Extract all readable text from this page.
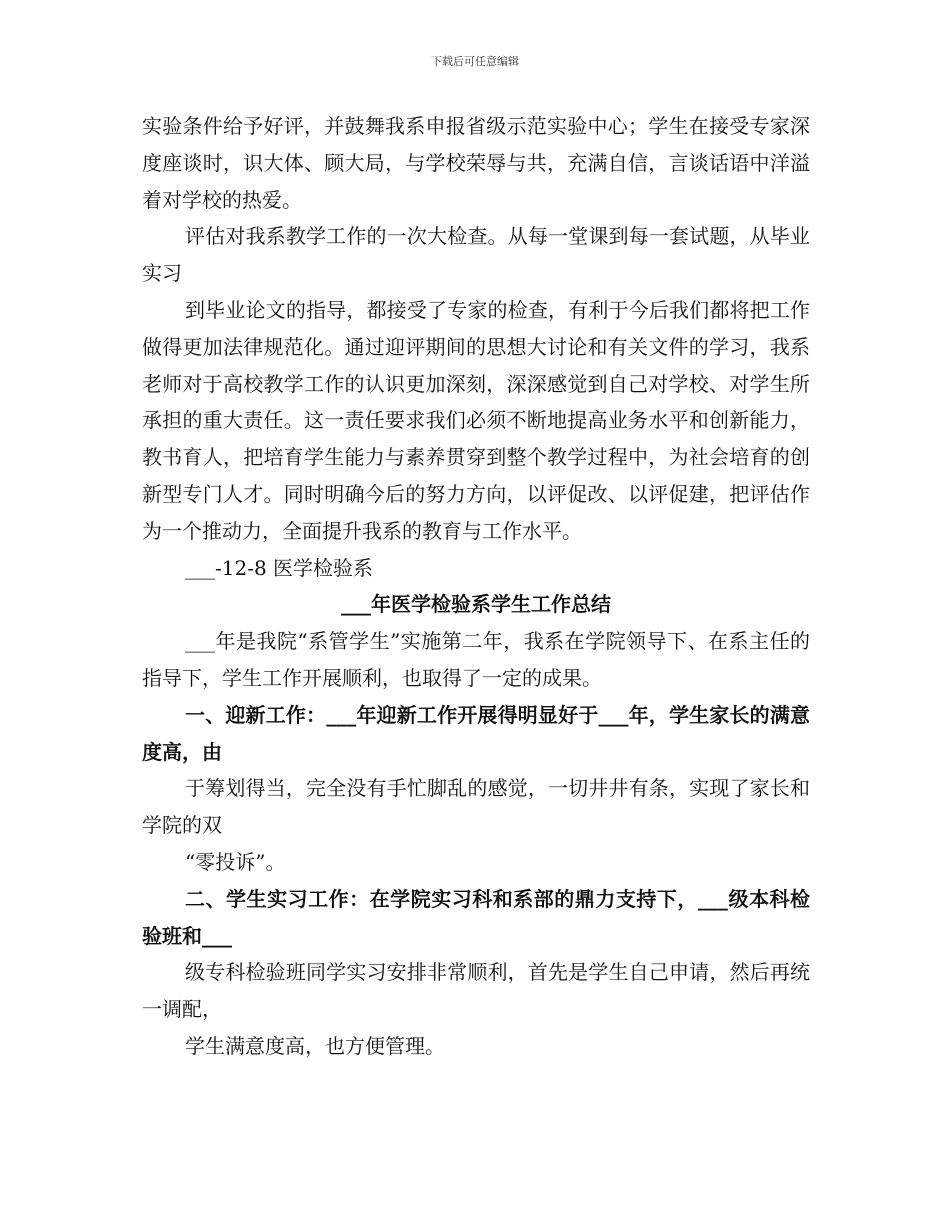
下载后可任意编辑

实验条件给予好评，并鼓舞我系申报省级示范实验中心；学生在接受专家深度座谈时，识大体、顾大局，与学校荣辱与共，充满自信，言谈话语中洋溢着对学校的热爱。

评估对我系教学工作的一次大检查。从每一堂课到每一套试题，从毕业实习

到毕业论文的指导，都接受了专家的检查，有利于今后我们都将把工作做得更加法律规范化。通过迎评期间的思想大讨论和有关文件的学习，我系老师对于高校教学工作的认识更加深刻，深深感觉到自己对学校、对学生所承担的重大责任。这一责任要求我们必须不断地提高业务水平和创新能力，教书育人，把培育学生能力与素养贯穿到整个教学过程中，为社会培育的创新型专门人才。同时明确今后的努力方向，以评促改、以评促建，把评估作为一个推动力，全面提升我系的教育与工作水平。

___-12-8 医学检验系

___年医学检验系学生工作总结

___年是我院“系管学生”实施第二年，我系在学院领导下、在系主任的指导下，学生工作开展顺利，也取得了一定的成果。

一、迎新工作：___年迎新工作开展得明显好于___年，学生家长的满意度高，由

于筹划得当，完全没有手忙脚乱的感觉，一切井井有条，实现了家长和学院的双

“零投诉”。

二、学生实习工作：在学院实习科和系部的鼎力支持下，___级本科检验班和___

级专科检验班同学实习安排非常顺利，首先是学生自己申请，然后再统一调配，

学生满意度高，也方便管理。
